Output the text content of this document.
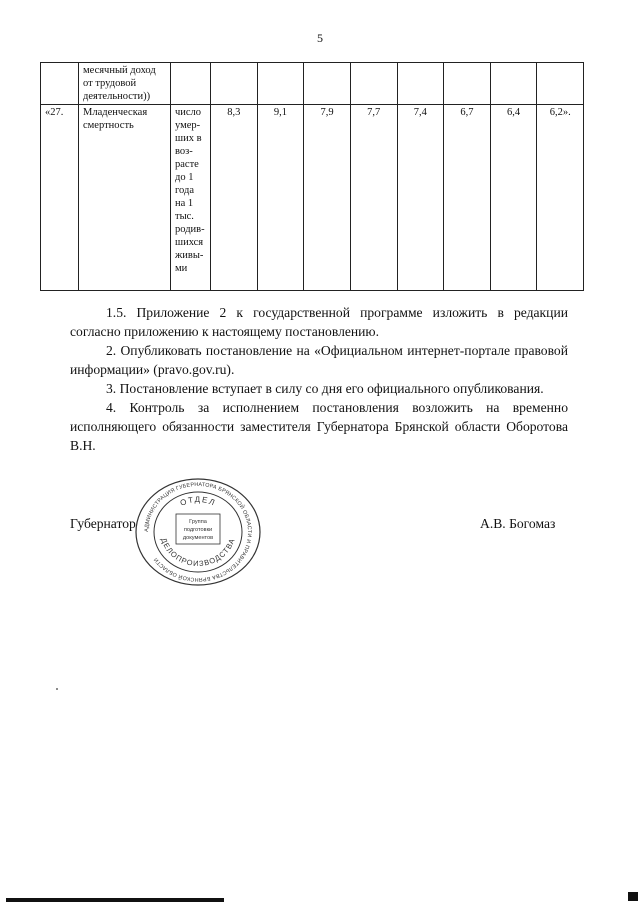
5
	месячный доход от трудовой деятельности))									
«27.	Младенческая смертность	число умер-ших в воз-расте до 1 года на 1 тыс. родив-шихся живы-ми	8,3	9,1	7,9	7,7	7,4	6,7	6,4	6,2».

1.5. Приложение 2 к государственной программе изложить в редакции согласно приложению к настоящему постановлению.

2. Опубликовать постановление на «Официальном интернет-портале правовой информации» (pravo.gov.ru).

3. Постановление вступает в силу со дня его официального опубликования.

4. Контроль за исполнением постановления возложить на временно исполняющего обязанности заместителя Губернатора Брянской области Оборотова В.Н.

Губернатор	А.В. Богомаз
АДМИНИСТРАЦИЯ ГУБЕРНАТОРА БРЯНСКОЙ ОБЛАСТИ И ПРАВИТЕЛЬСТВА БРЯНСКОЙ ОБЛАСТИ
ОТДЕЛ
ДЕЛОПРОИЗВОДСТВА
Группа
подготовки
документов
